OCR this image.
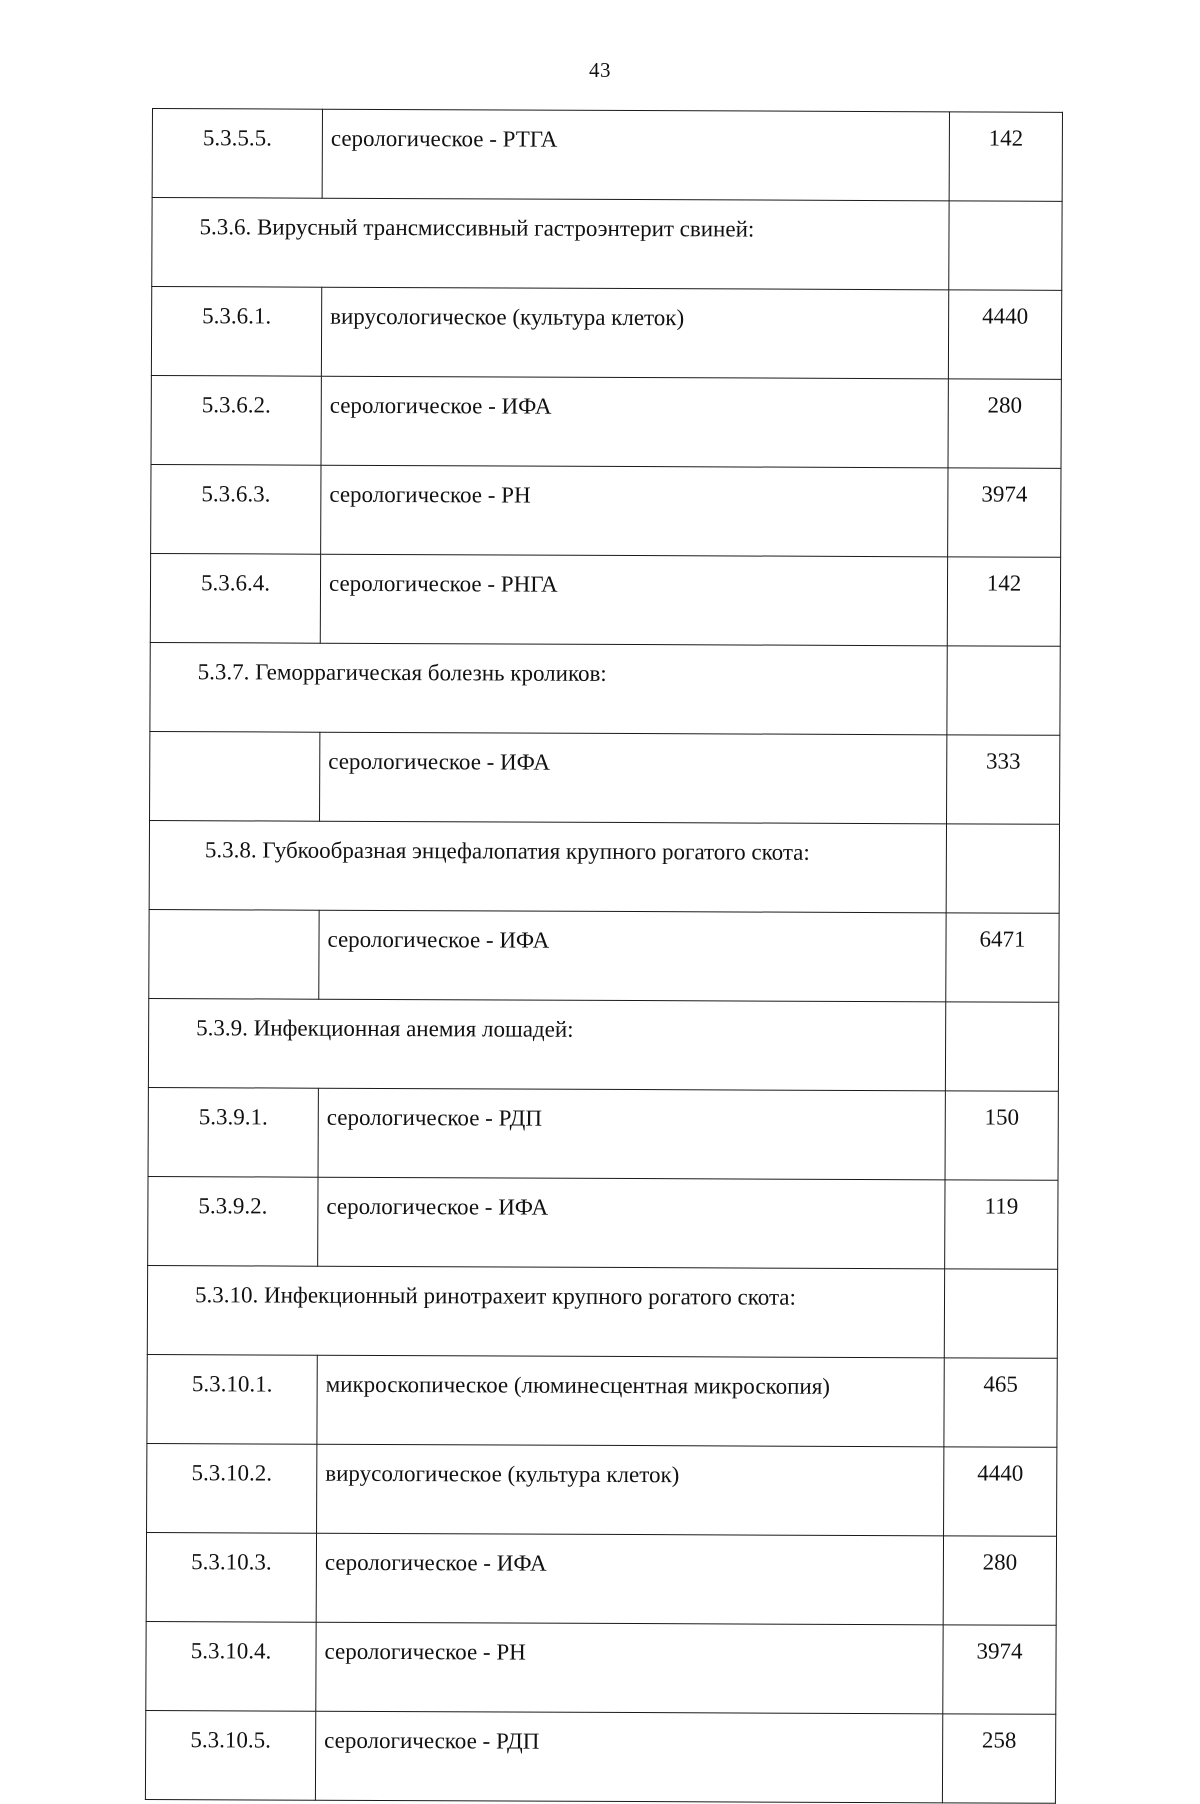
43
5.3.5.5.	серологическое - РТГА	142
5.3.6. Вирусный трансмиссивный гастроэнтерит свиней:		
5.3.6.1.	вирусологическое (культура клеток)	4440
5.3.6.2.	серологическое - ИФА	280
5.3.6.3.	серологическое - РН	3974
5.3.6.4.	серологическое - РНГА	142
5.3.7. Геморрагическая болезнь кроликов:		
	серологическое - ИФА	333
5.3.8. Губкообразная энцефалопатия крупного рогатого скота:		
	серологическое - ИФА	6471
5.3.9. Инфекционная анемия лошадей:		
5.3.9.1.	серологическое - РДП	150
5.3.9.2.	серологическое - ИФА	119
5.3.10. Инфекционный ринотрахеит крупного рогатого скота:		
5.3.10.1.	микроскопическое (люминесцентная микроскопия)	465
5.3.10.2.	вирусологическое (культура клеток)	4440
5.3.10.3.	серологическое - ИФА	280
5.3.10.4.	серологическое - РН	3974
5.3.10.5.	серологическое - РДП	258
